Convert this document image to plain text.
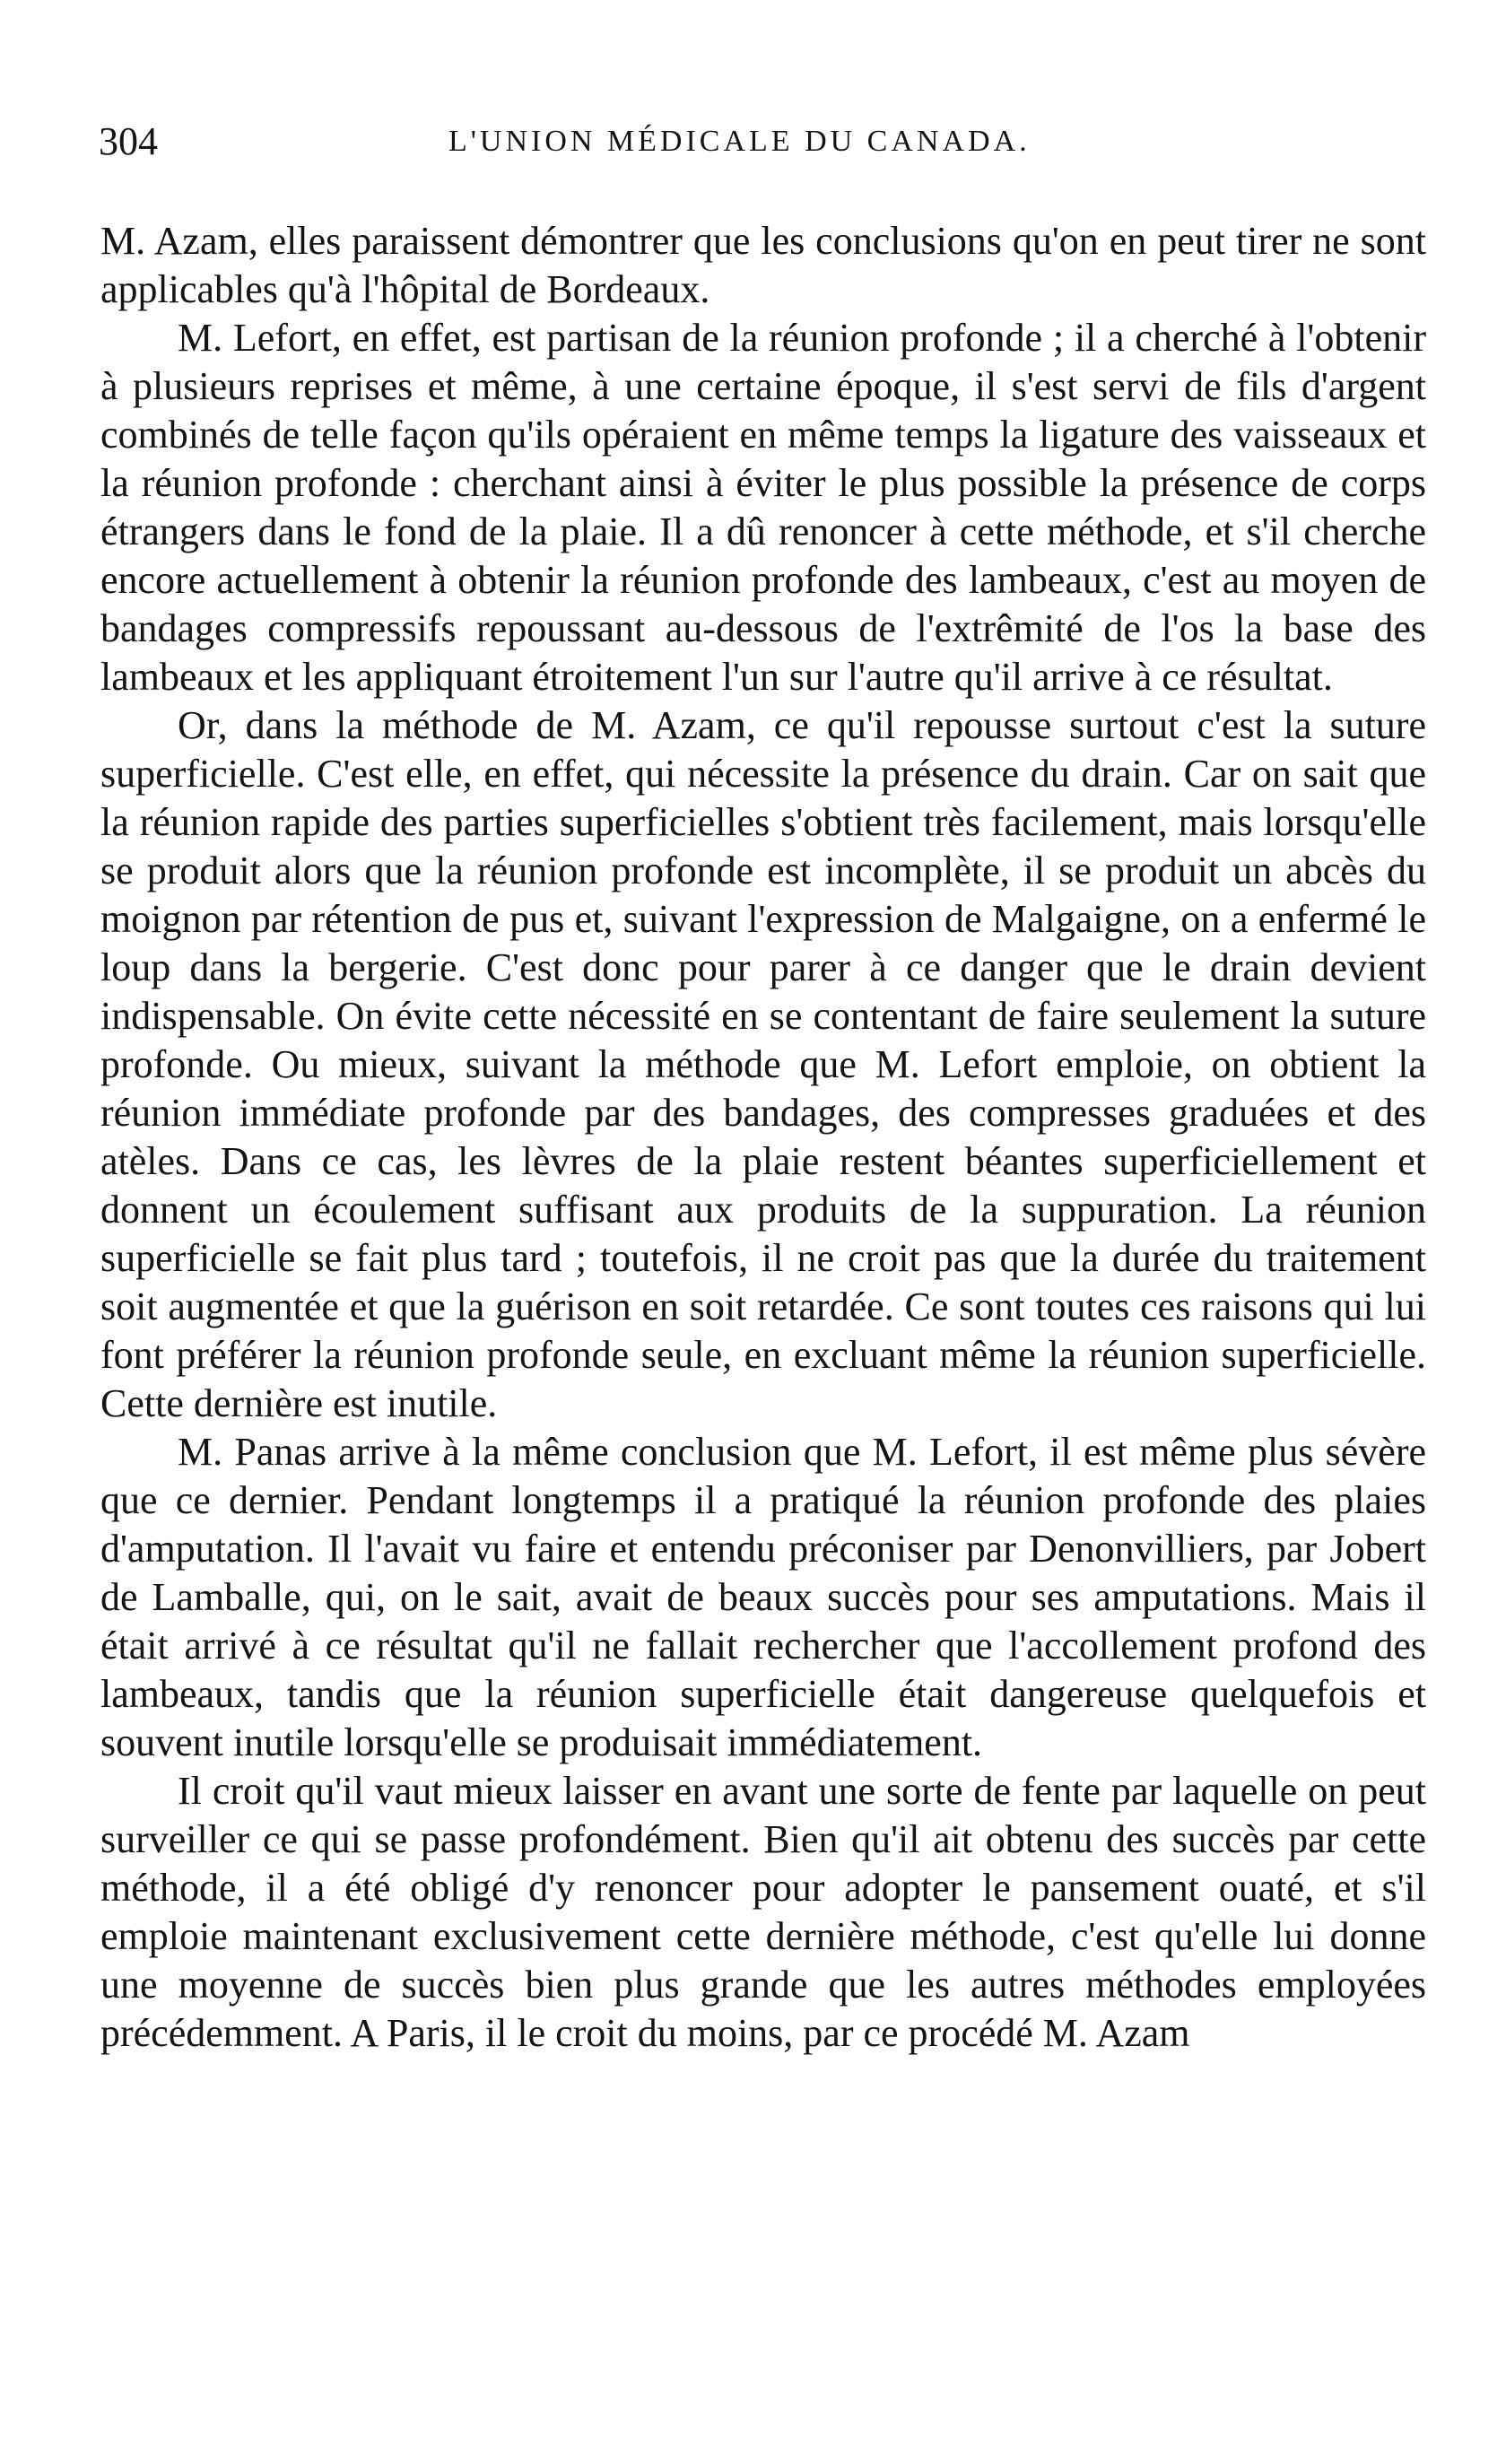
304	L'UNION MÉDICALE DU CANADA.

M. Azam, elles paraissent démontrer que les conclusions qu'on en peut tirer ne sont applicables qu'à l'hôpital de Bordeaux.

M. Lefort, en effet, est partisan de la réunion profonde ; il a cherché à l'obtenir à plusieurs reprises et même, à une certaine époque, il s'est servi de fils d'argent combinés de telle façon qu'ils opéraient en même temps la ligature des vaisseaux et la réunion profonde : cherchant ainsi à éviter le plus possible la présence de corps étrangers dans le fond de la plaie. Il a dû renoncer à cette méthode, et s'il cherche encore actuellement à obtenir la réunion profonde des lambeaux, c'est au moyen de bandages compressifs repoussant au-dessous de l'extrêmité de l'os la base des lambeaux et les appliquant étroitement l'un sur l'autre qu'il arrive à ce résultat.

Or, dans la méthode de M. Azam, ce qu'il repousse surtout c'est la suture superficielle. C'est elle, en effet, qui nécessite la présence du drain. Car on sait que la réunion rapide des parties superficielles s'obtient très facilement, mais lorsqu'elle se produit alors que la réunion profonde est incomplète, il se produit un abcès du moignon par rétention de pus et, suivant l'expression de Malgaigne, on a enfermé le loup dans la bergerie. C'est donc pour parer à ce danger que le drain devient indispensable. On évite cette nécessité en se contentant de faire seulement la suture profonde. Ou mieux, suivant la méthode que M. Lefort emploie, on obtient la réunion immédiate profonde par des bandages, des compresses graduées et des atèles. Dans ce cas, les lèvres de la plaie restent béantes superficiellement et donnent un écoulement suffisant aux produits de la suppuration. La réunion superficielle se fait plus tard ; toutefois, il ne croit pas que la durée du traitement soit augmentée et que la guérison en soit retardée. Ce sont toutes ces raisons qui lui font préférer la réunion profonde seule, en excluant même la réunion superficielle. Cette dernière est inutile.

M. Panas arrive à la même conclusion que M. Lefort, il est même plus sévère que ce dernier. Pendant longtemps il a pratiqué la réunion profonde des plaies d'amputation. Il l'avait vu faire et entendu préconiser par Denonvilliers, par Jobert de Lamballe, qui, on le sait, avait de beaux succès pour ses amputations. Mais il était arrivé à ce résultat qu'il ne fallait rechercher que l'accollement profond des lambeaux, tandis que la réunion superficielle était dangereuse quelquefois et souvent inutile lorsqu'elle se produisait immédiatement.

Il croit qu'il vaut mieux laisser en avant une sorte de fente par laquelle on peut surveiller ce qui se passe profondément. Bien qu'il ait obtenu des succès par cette méthode, il a été obligé d'y renoncer pour adopter le pansement ouaté, et s'il emploie maintenant exclusivement cette dernière méthode, c'est qu'elle lui donne une moyenne de succès bien plus grande que les autres méthodes employées précédemment. A Paris, il le croit du moins, par ce procédé M. Azam
